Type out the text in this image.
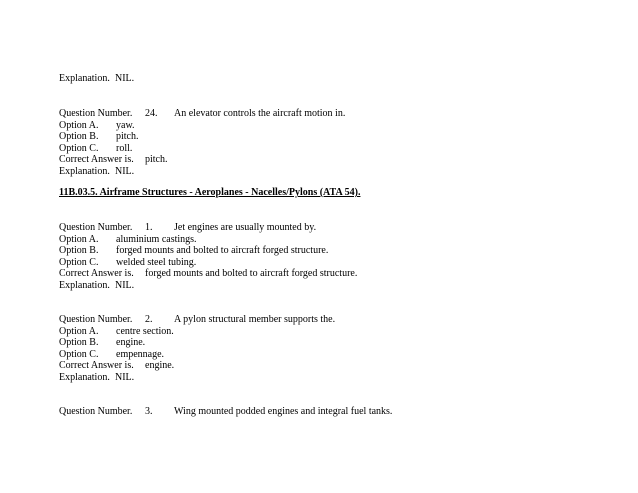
Explanation. NIL.
Question Number. 24. An elevator controls the aircraft motion in.
Option A. yaw.
Option B. pitch.
Option C. roll.
Correct Answer is. pitch.
Explanation. NIL.
11B.03.5. Airframe Structures - Aeroplanes - Nacelles/Pylons (ATA 54).
Question Number. 1. Jet engines are usually mounted by.
Option A. aluminium castings.
Option B. forged mounts and bolted to aircraft forged structure.
Option C. welded steel tubing.
Correct Answer is. forged mounts and bolted to aircraft forged structure.
Explanation. NIL.
Question Number. 2. A pylon structural member supports the.
Option A. centre section.
Option B. engine.
Option C. empennage.
Correct Answer is. engine.
Explanation. NIL.
Question Number. 3. Wing mounted podded engines and integral fuel tanks.
